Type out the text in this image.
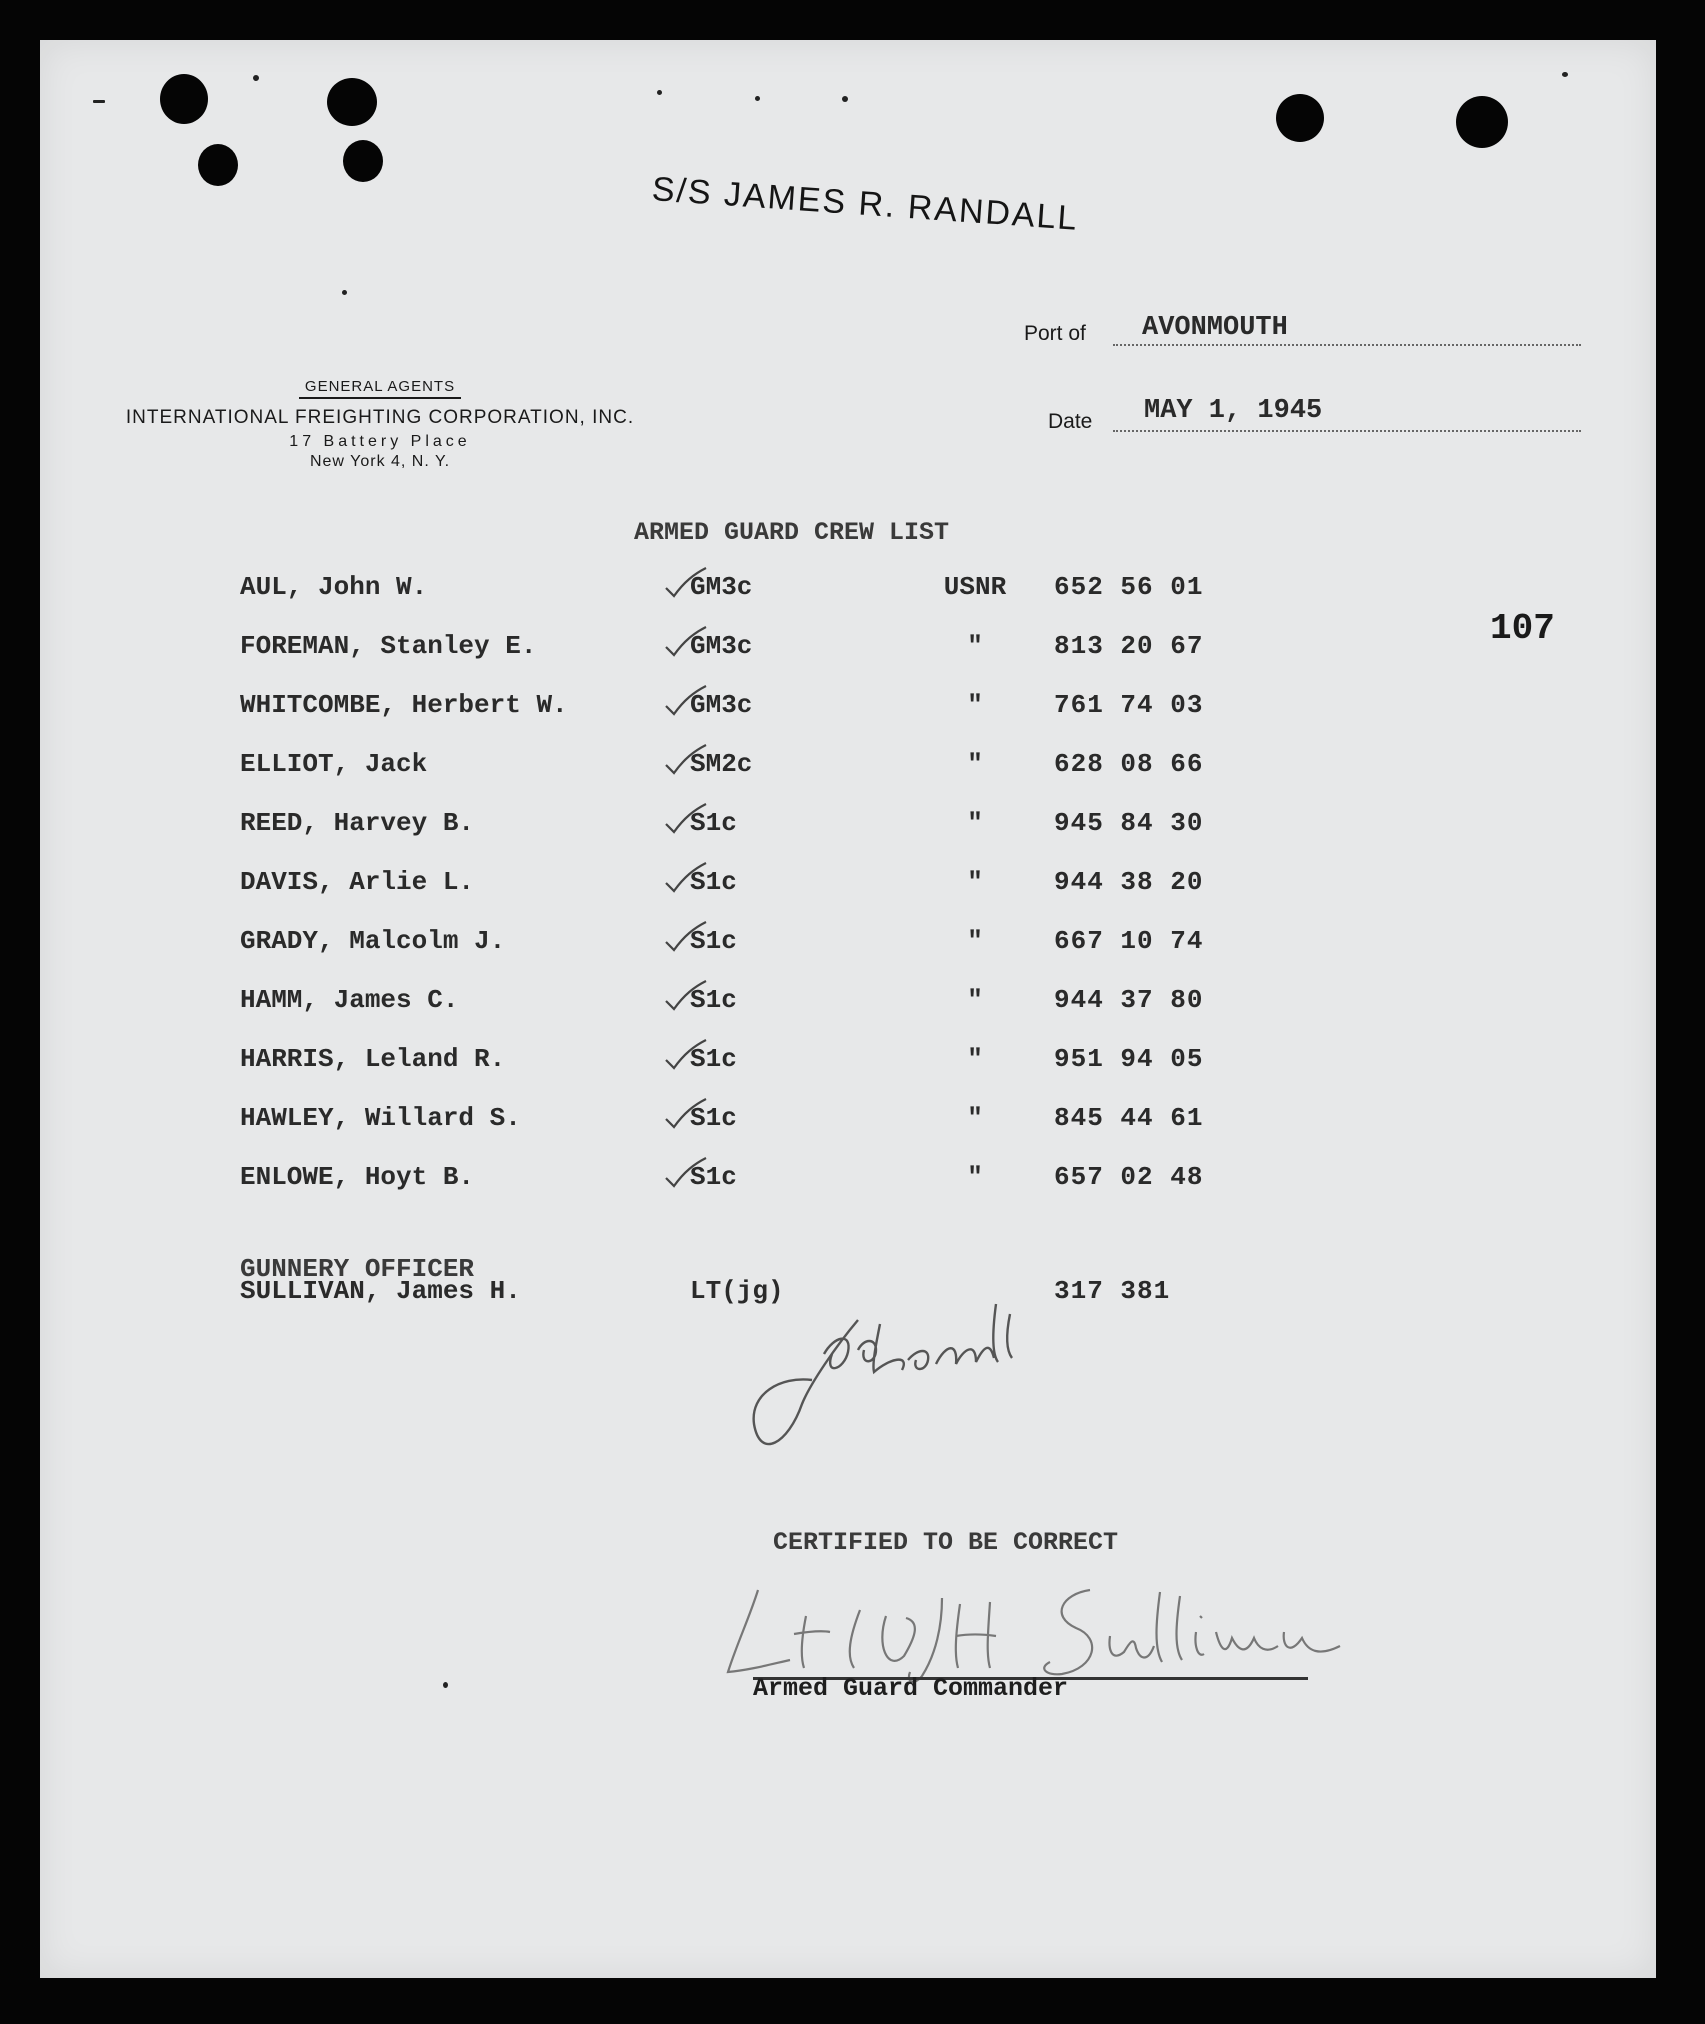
S/S JAMES R. RANDALL
GENERAL AGENTS
INTERNATIONAL FREIGHTING CORPORATION, INC.
17 Battery Place
New York 4, N. Y.
Port of AVONMOUTH
Date MAY 1, 1945
ARMED GUARD CREW LIST
107
AUL, John W.	GM3c	USNR	652 56 01
FOREMAN, Stanley E.	GM3c	"	813 20 67
WHITCOMBE, Herbert W.	GM3c	"	761 74 03
ELLIOT, Jack	SM2c	"	628 08 66
REED, Harvey B.	S1c	"	945 84 30
DAVIS, Arlie L.	S1c	"	944 38 20
GRADY, Malcolm J.	S1c	"	667 10 74
HAMM, James C.	S1c	"	944 37 80
HARRIS, Leland R.	S1c	"	951 94 05
HAWLEY, Willard S.	S1c	"	845 44 61
ENLOWE, Hoyt B.	S1c	"	657 02 48
GUNNERY OFFICER
SULLIVAN, James H.	LT(jg)	317 381
CERTIFIED TO BE CORRECT
Armed Guard Commander
